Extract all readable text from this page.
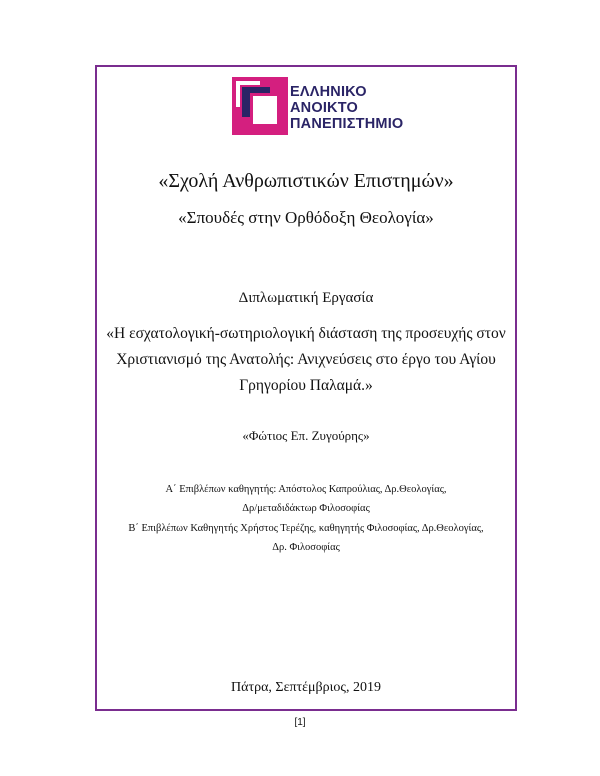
ΕΛΛΗΝΙΚΟ
ΑΝΟΙΚΤΟ
ΠΑΝΕΠΙΣΤΗΜΙΟ
«Σχολή Ανθρωπιστικών Επιστημών»
«Σπουδές στην Ορθόδοξη Θεολογία»
Διπλωματική Εργασία
«Η εσχατολογική-σωτηριολογική διάσταση της προσευχής στον
Χριστιανισμό της Ανατολής: Ανιχνεύσεις στο έργο του Αγίου
Γρηγορίου Παλαμά.»
«Φώτιος Επ. Ζυγούρης»
Α΄ Επιβλέπων καθηγητής: Απόστολος Καπρούλιας, Δρ.Θεολογίας,
Δρ/μεταδιδάκτωρ Φιλοσοφίας
Β΄ Επιβλέπων Καθηγητής Χρήστος Τερέζης, καθηγητής Φιλοσοφίας, Δρ.Θεολογίας,
Δρ. Φιλοσοφίας
Πάτρα, Σεπτέμβριος, 2019
[1]
